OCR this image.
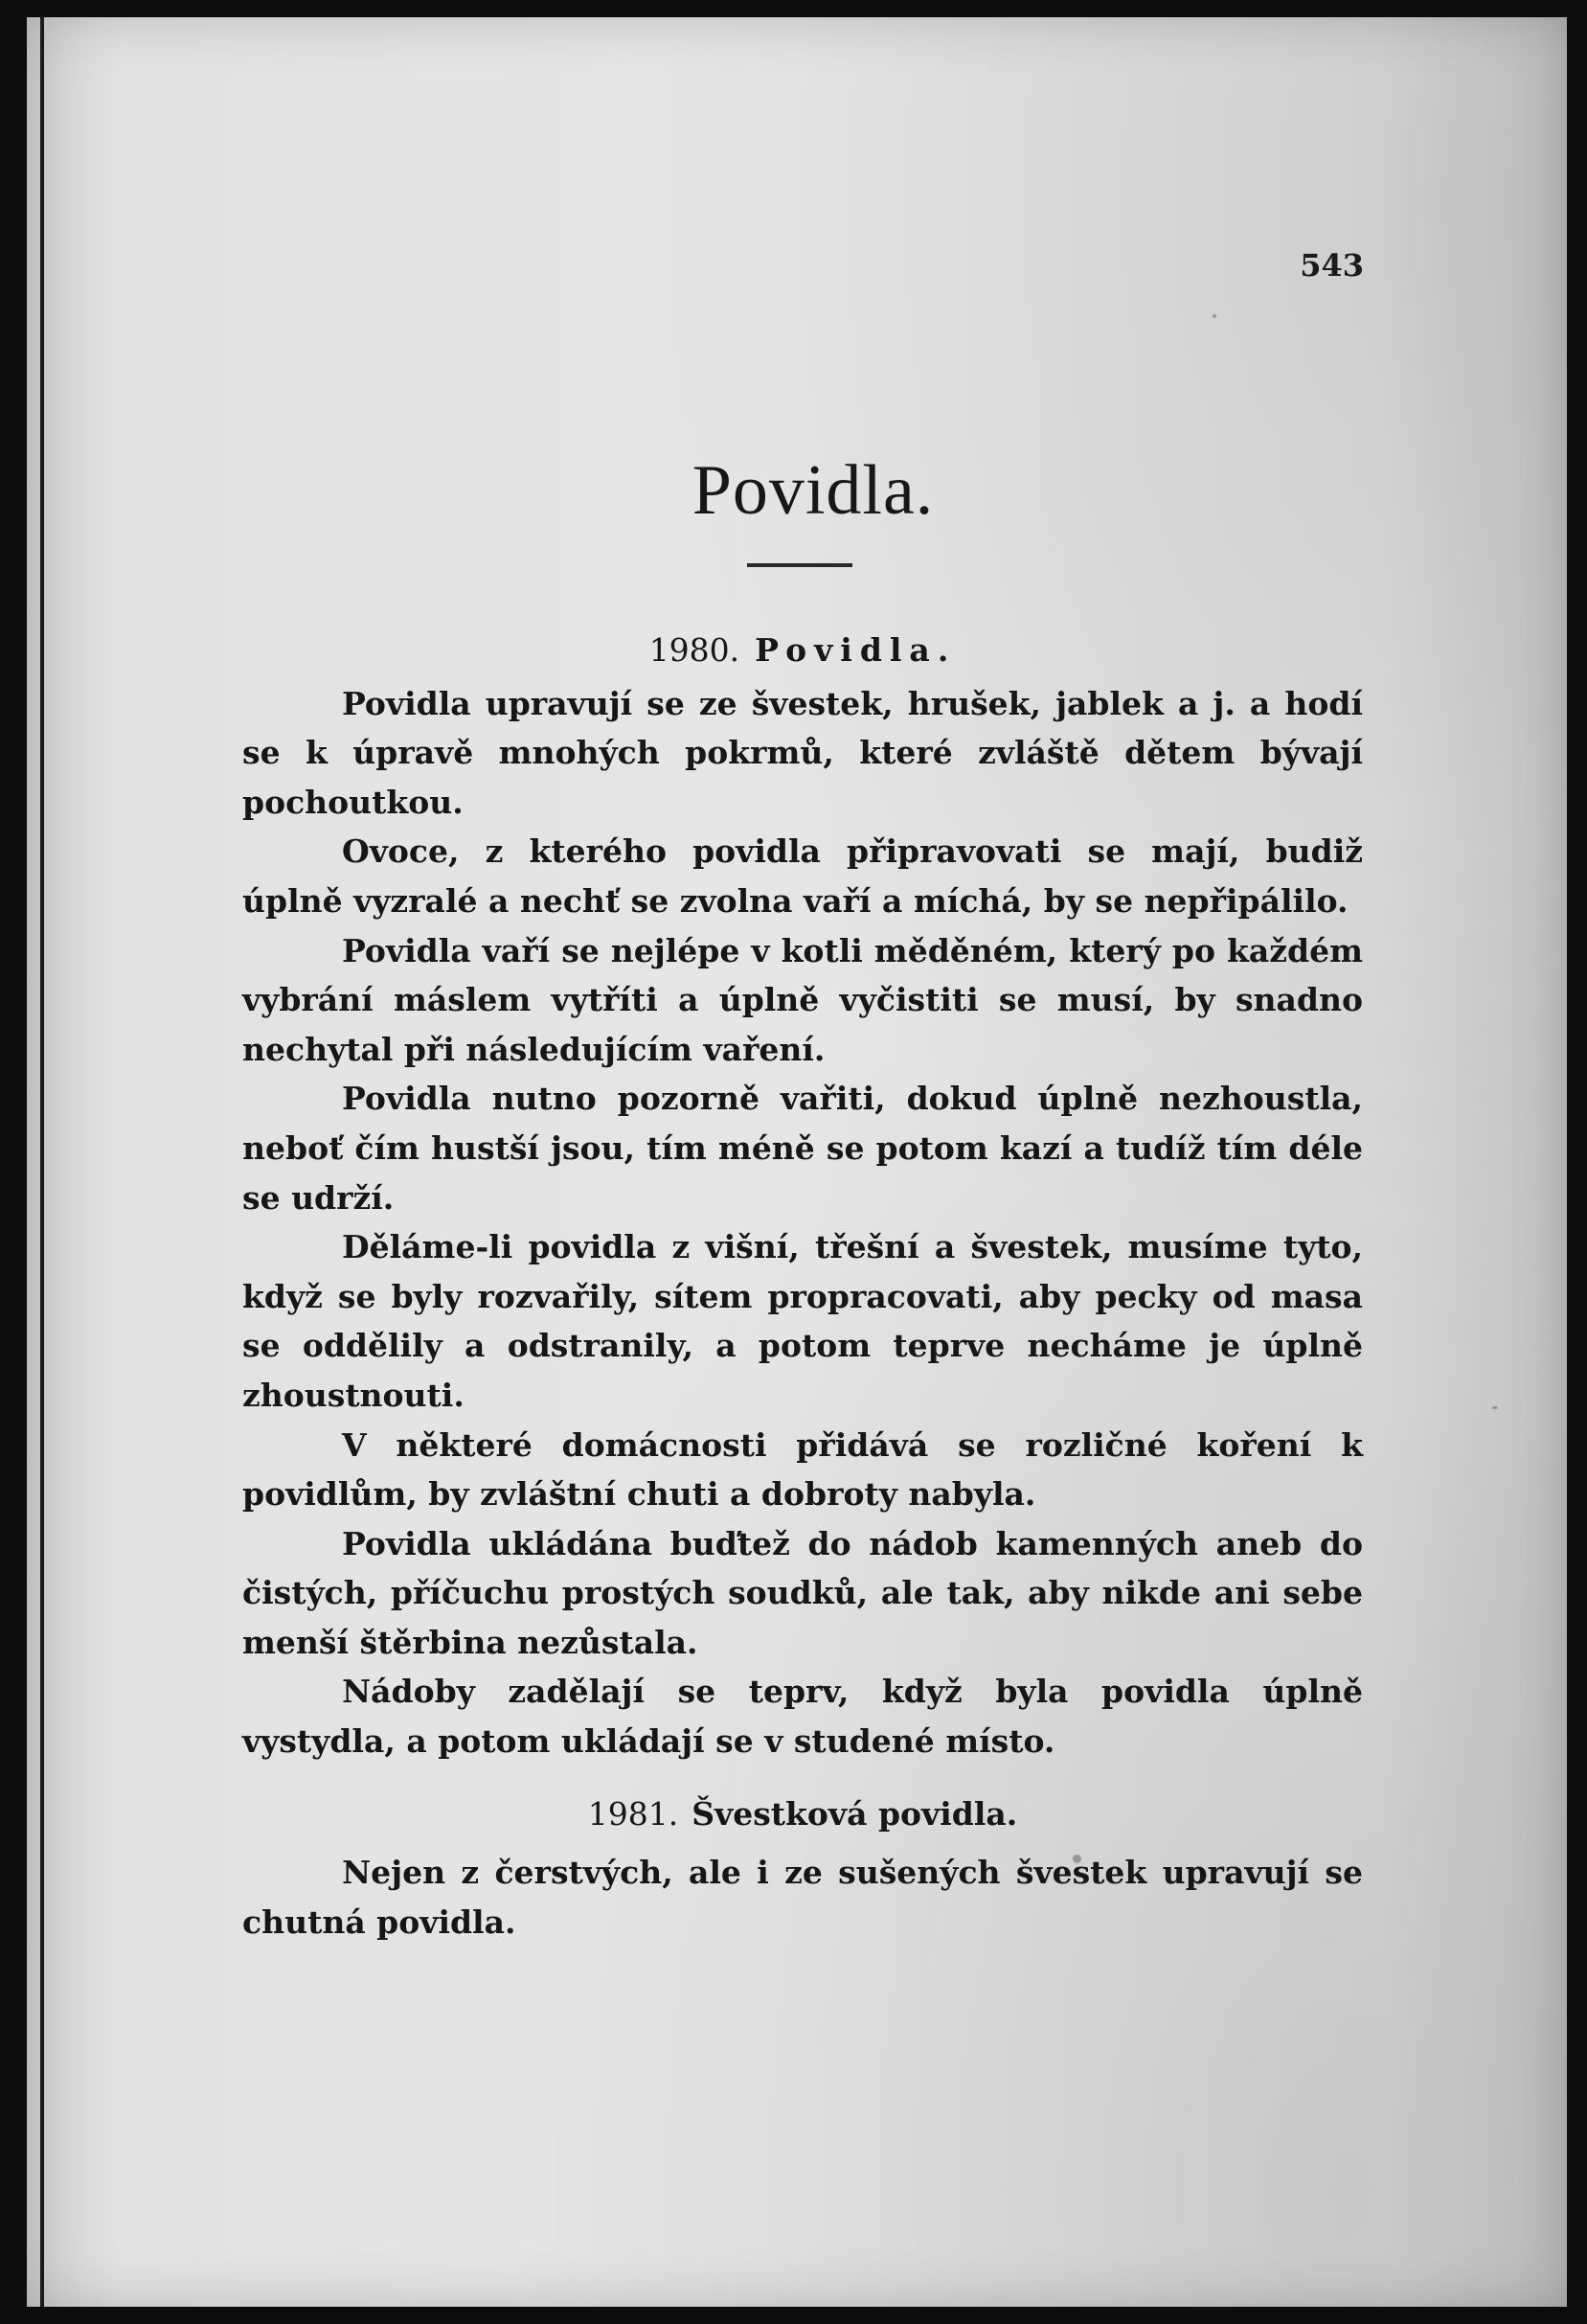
543
Povidla.

1980. Povidla.

Povidla upravují se ze švestek, hrušek, jablek a j. a hodí se k úpravě mnohých pokrmů, které zvláště dětem bývají pochoutkou.

Ovoce, z kterého povidla připravovati se mají, budiž úplně vyzralé a nechť se zvolna vaří a míchá, by se nepřipálilo.

Povidla vaří se nejlépe v kotli měděném, který po každém vybrání máslem vytříti a úplně vyčistiti se musí, by snadno nechytal při následujícím vaření.

Povidla nutno pozorně vařiti, dokud úplně nezhoustla, neboť čím hustší jsou, tím méně se potom kazí a tudíž tím déle se udrží.

Děláme-li povidla z višní, třešní a švestek, musíme tyto, když se byly rozvařily, sítem propracovati, aby pecky od masa se oddělily a odstranily, a potom teprve necháme je úplně zhoustnouti.

V některé domácnosti přidává se rozličné koření k povidlům, by zvláštní chuti a dobroty nabyla.

Povidla ukládána buďtež do nádob kamenných aneb do čistých, příčuchu prostých soudků, ale tak, aby nikde ani sebe menší štěrbina nezůstala.

Nádoby zadělají se teprv, když byla povidla úplně vystydla, a potom ukládají se v studené místo.

1981. Švestková povidla.

Nejen z čerstvých, ale i ze sušených švestek upravují se chutná povidla.
